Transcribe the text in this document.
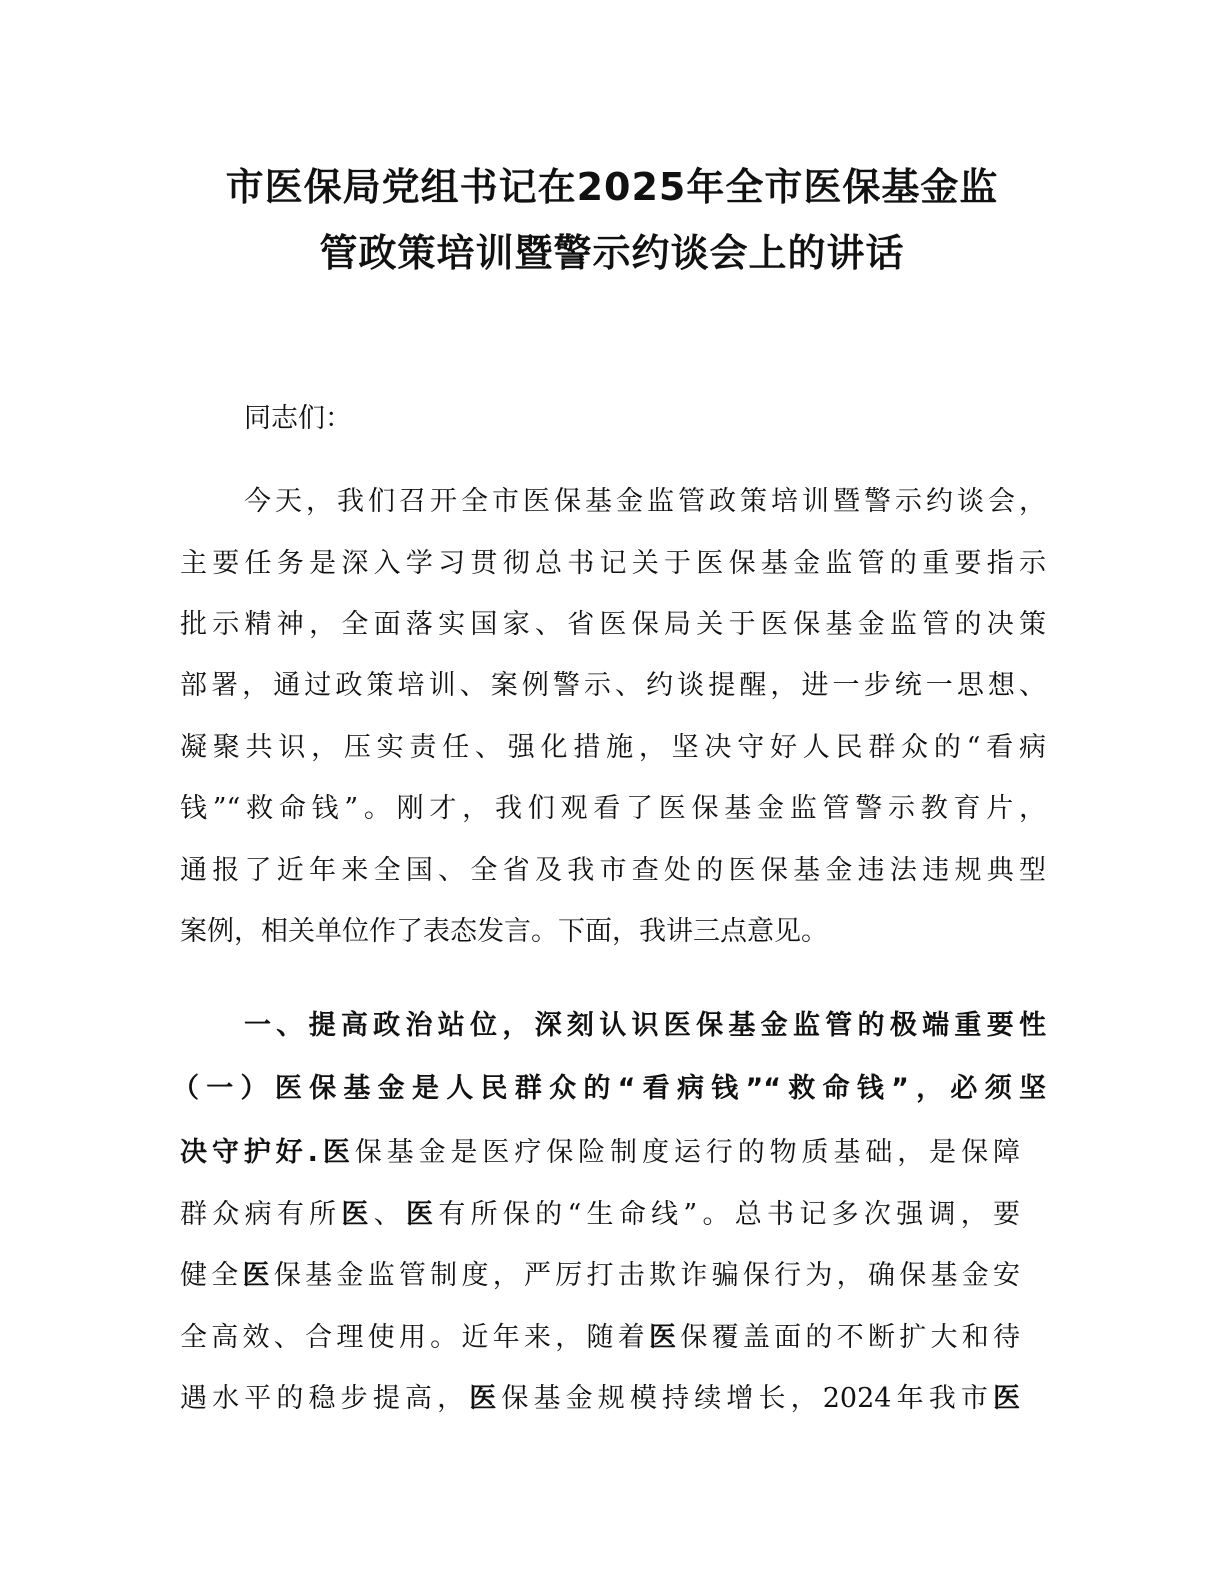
市医保局党组书记在2025年全市医保基金监
管政策培训暨警示约谈会上的讲话
同志们：
今天，我们召开全市医保基金监管政策培训暨警示约谈会，
主要任务是深入学习贯彻总书记关于医保基金监管的重要指示
批示精神，全面落实国家、省医保局关于医保基金监管的决策
部署，通过政策培训、案例警示、约谈提醒，进一步统一思想、
凝聚共识，压实责任、强化措施，坚决守好人民群众的“看病
钱”“救命钱”。刚才，我们观看了医保基金监管警示教育片，
通报了近年来全国、全省及我市查处的医保基金违法违规典型
案例，相关单位作了表态发言。下面，我讲三点意见。
一、提高政治站位，深刻认识医保基金监管的极端重要性
（一）医保基金是人民群众的“看病钱”“救命钱”，必须坚
决守护好.医保基金是医疗保险制度运行的物质基础，是保障
群众病有所医、医有所保的“生命线”。总书记多次强调，要
健全医保基金监管制度，严厉打击欺诈骗保行为，确保基金安
全高效、合理使用。近年来，随着医保覆盖面的不断扩大和待
遇水平的稳步提高，医保基金规模持续增长，2024年我市医
